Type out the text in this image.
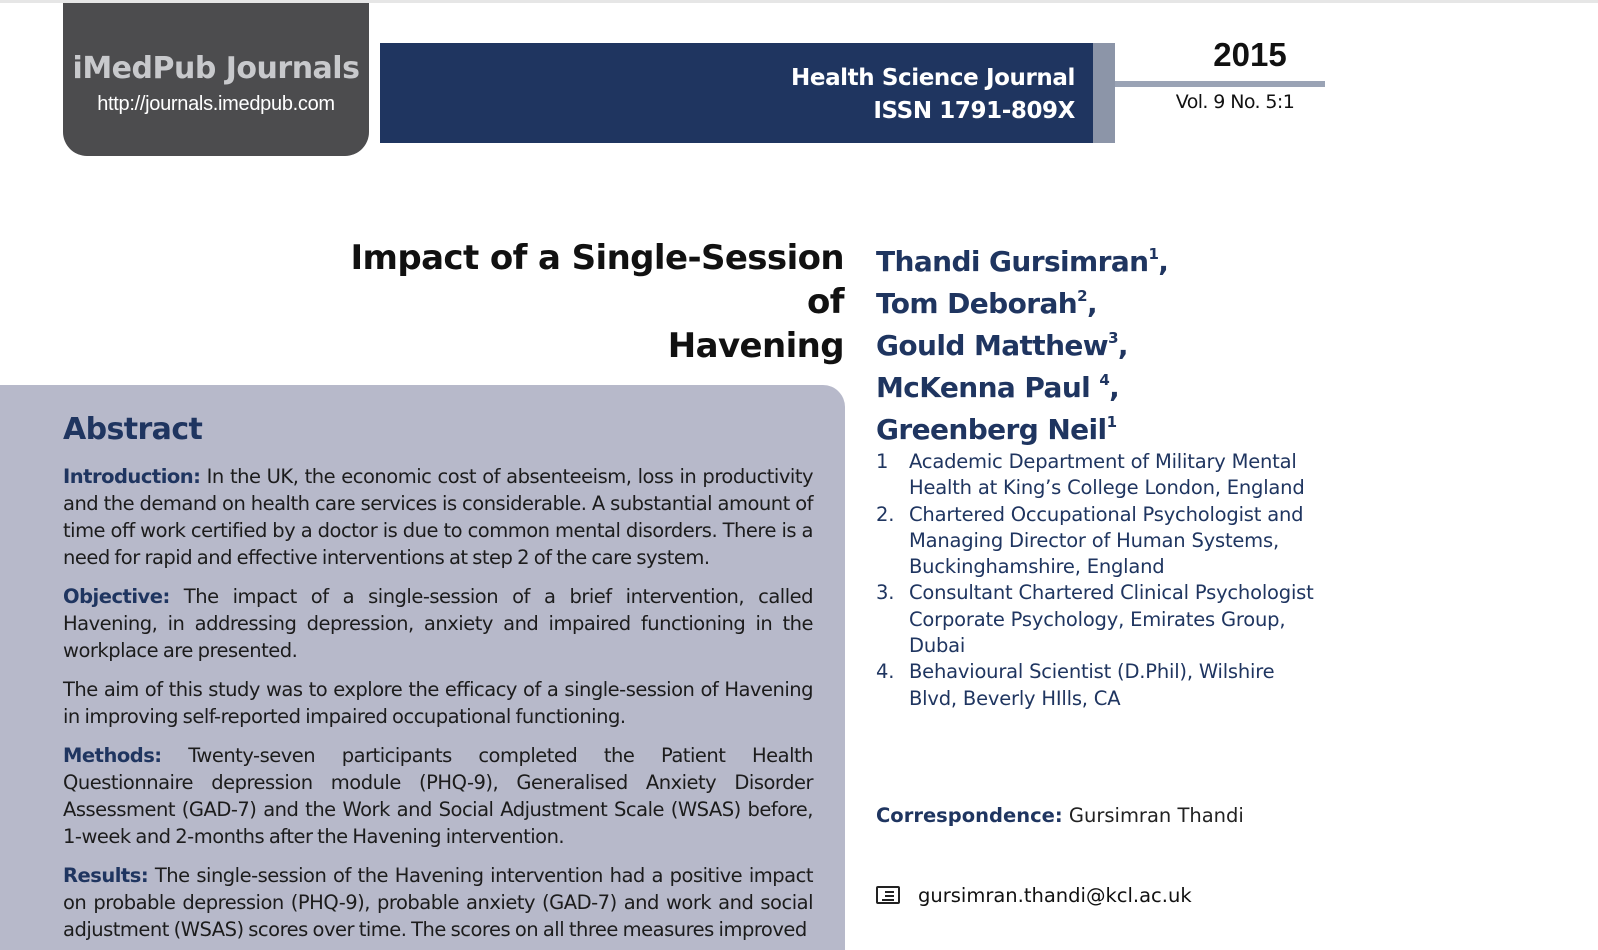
iMedPub Journals
http://journals.imedpub.com
Health Science Journal
ISSN 1791-809X
2015
Vol. 9 No. 5:1
Impact of a Single-Session of
Havening
Thandi Gursimran$^1$,
Tom Deborah$^2$,
Gould Matthew$^3$,
McKenna Paul $^4$,
Greenberg Neil$^1$
1 Academic Department of Military Mental Health at King’s College London, England
2. Chartered Occupational Psychologist and Managing Director of Human Systems, Buckinghamshire, England
3. Consultant Chartered Clinical Psychologist Corporate Psychology, Emirates Group, Dubai
4. Behavioural Scientist (D.Phil), Wilshire Blvd, Beverly HIlls, CA
Correspondence: Gursimran Thandi
gursimran.thandi@kcl.ac.uk
Abstract

Introduction: In the UK, the economic cost of absenteeism, loss in productivity and the demand on health care services is considerable. A substantial amount of time off work certified by a doctor is due to common mental disorders. There is a need for rapid and effective interventions at step 2 of the care system.

Objective: The impact of a single-session of a brief intervention, called Havening, in addressing depression, anxiety and impaired functioning in the workplace are presented.

The aim of this study was to explore the efficacy of a single-session of Havening in improving self-reported impaired occupational functioning.

Methods: Twenty-seven participants completed the Patient Health Questionnaire depression module (PHQ-9), Generalised Anxiety Disorder Assessment (GAD-7) and the Work and Social Adjustment Scale (WSAS) before, 1-week and 2-months after the Havening intervention.

Results: The single-session of the Havening intervention had a positive impact on probable depression (PHQ-9), probable anxiety (GAD-7) and work and social adjustment (WSAS) scores over time. The scores on all three measures improved
